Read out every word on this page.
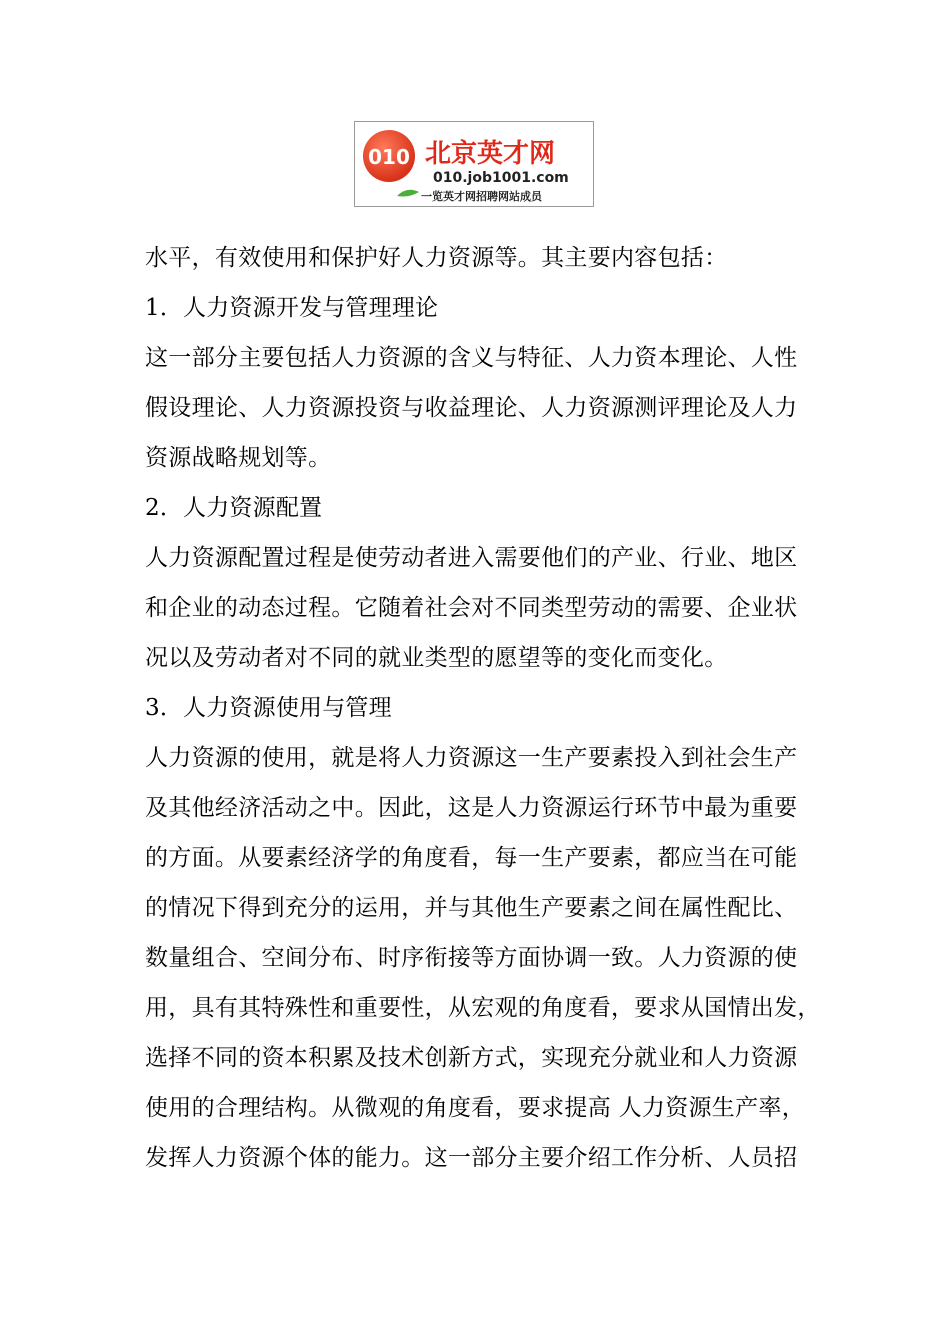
010 北京英才网
010.job1001.com
一览英才网招聘网站成员
水平，有效使用和保护好人力资源等。其主要内容包括：
1．人力资源开发与管理理论
这一部分主要包括人力资源的含义与特征、人力资本理论、人性
假设理论、人力资源投资与收益理论、人力资源测评理论及人力
资源战略规划等。
2．人力资源配置
人力资源配置过程是使劳动者进入需要他们的产业、行业、地区
和企业的动态过程。它随着社会对不同类型劳动的需要、企业状
况以及劳动者对不同的就业类型的愿望等的变化而变化。
3．人力资源使用与管理
人力资源的使用，就是将人力资源这一生产要素投入到社会生产
及其他经济活动之中。因此，这是人力资源运行环节中最为重要
的方面。从要素经济学的角度看，每一生产要素，都应当在可能
的情况下得到充分的运用，并与其他生产要素之间在属性配比、
数量组合、空间分布、时序衔接等方面协调一致。人力资源的使
用，具有其特殊性和重要性，从宏观的角度看，要求从国情出发，
选择不同的资本积累及技术创新方式，实现充分就业和人力资源
使用的合理结构。从微观的角度看，要求提高 人力资源生产率，
发挥人力资源个体的能力。这一部分主要介绍工作分析、人员招
